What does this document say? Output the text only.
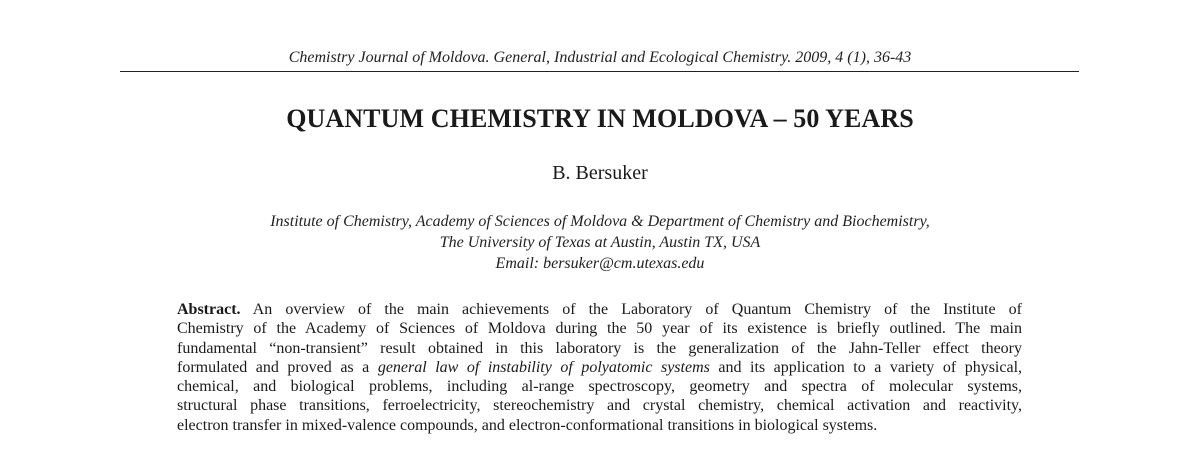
Chemistry Journal of Moldova. General, Industrial and Ecological Chemistry. 2009, 4 (1), 36-43
QUANTUM CHEMISTRY IN MOLDOVA – 50 YEARS
B. Bersuker
Institute of Chemistry, Academy of Sciences of Moldova & Department of Chemistry and Biochemistry,
The University of Texas at Austin, Austin TX, USA
Email: bersuker@cm.utexas.edu
Abstract. An overview of the main achievements of the Laboratory of Quantum Chemistry of the Institute of
Chemistry of the Academy of Sciences of Moldova during the 50 year of its existence is briefly outlined. The main
fundamental “non-transient” result obtained in this laboratory is the generalization of the Jahn-Teller effect theory
formulated and proved as a general law of instability of polyatomic systems and its application to a variety of physical,
chemical, and biological problems, including al-range spectroscopy, geometry and spectra of molecular systems,
structural phase transitions, ferroelectricity, stereochemistry and crystal chemistry, chemical activation and reactivity,
electron transfer in mixed-valence compounds, and electron-conformational transitions in biological systems.
